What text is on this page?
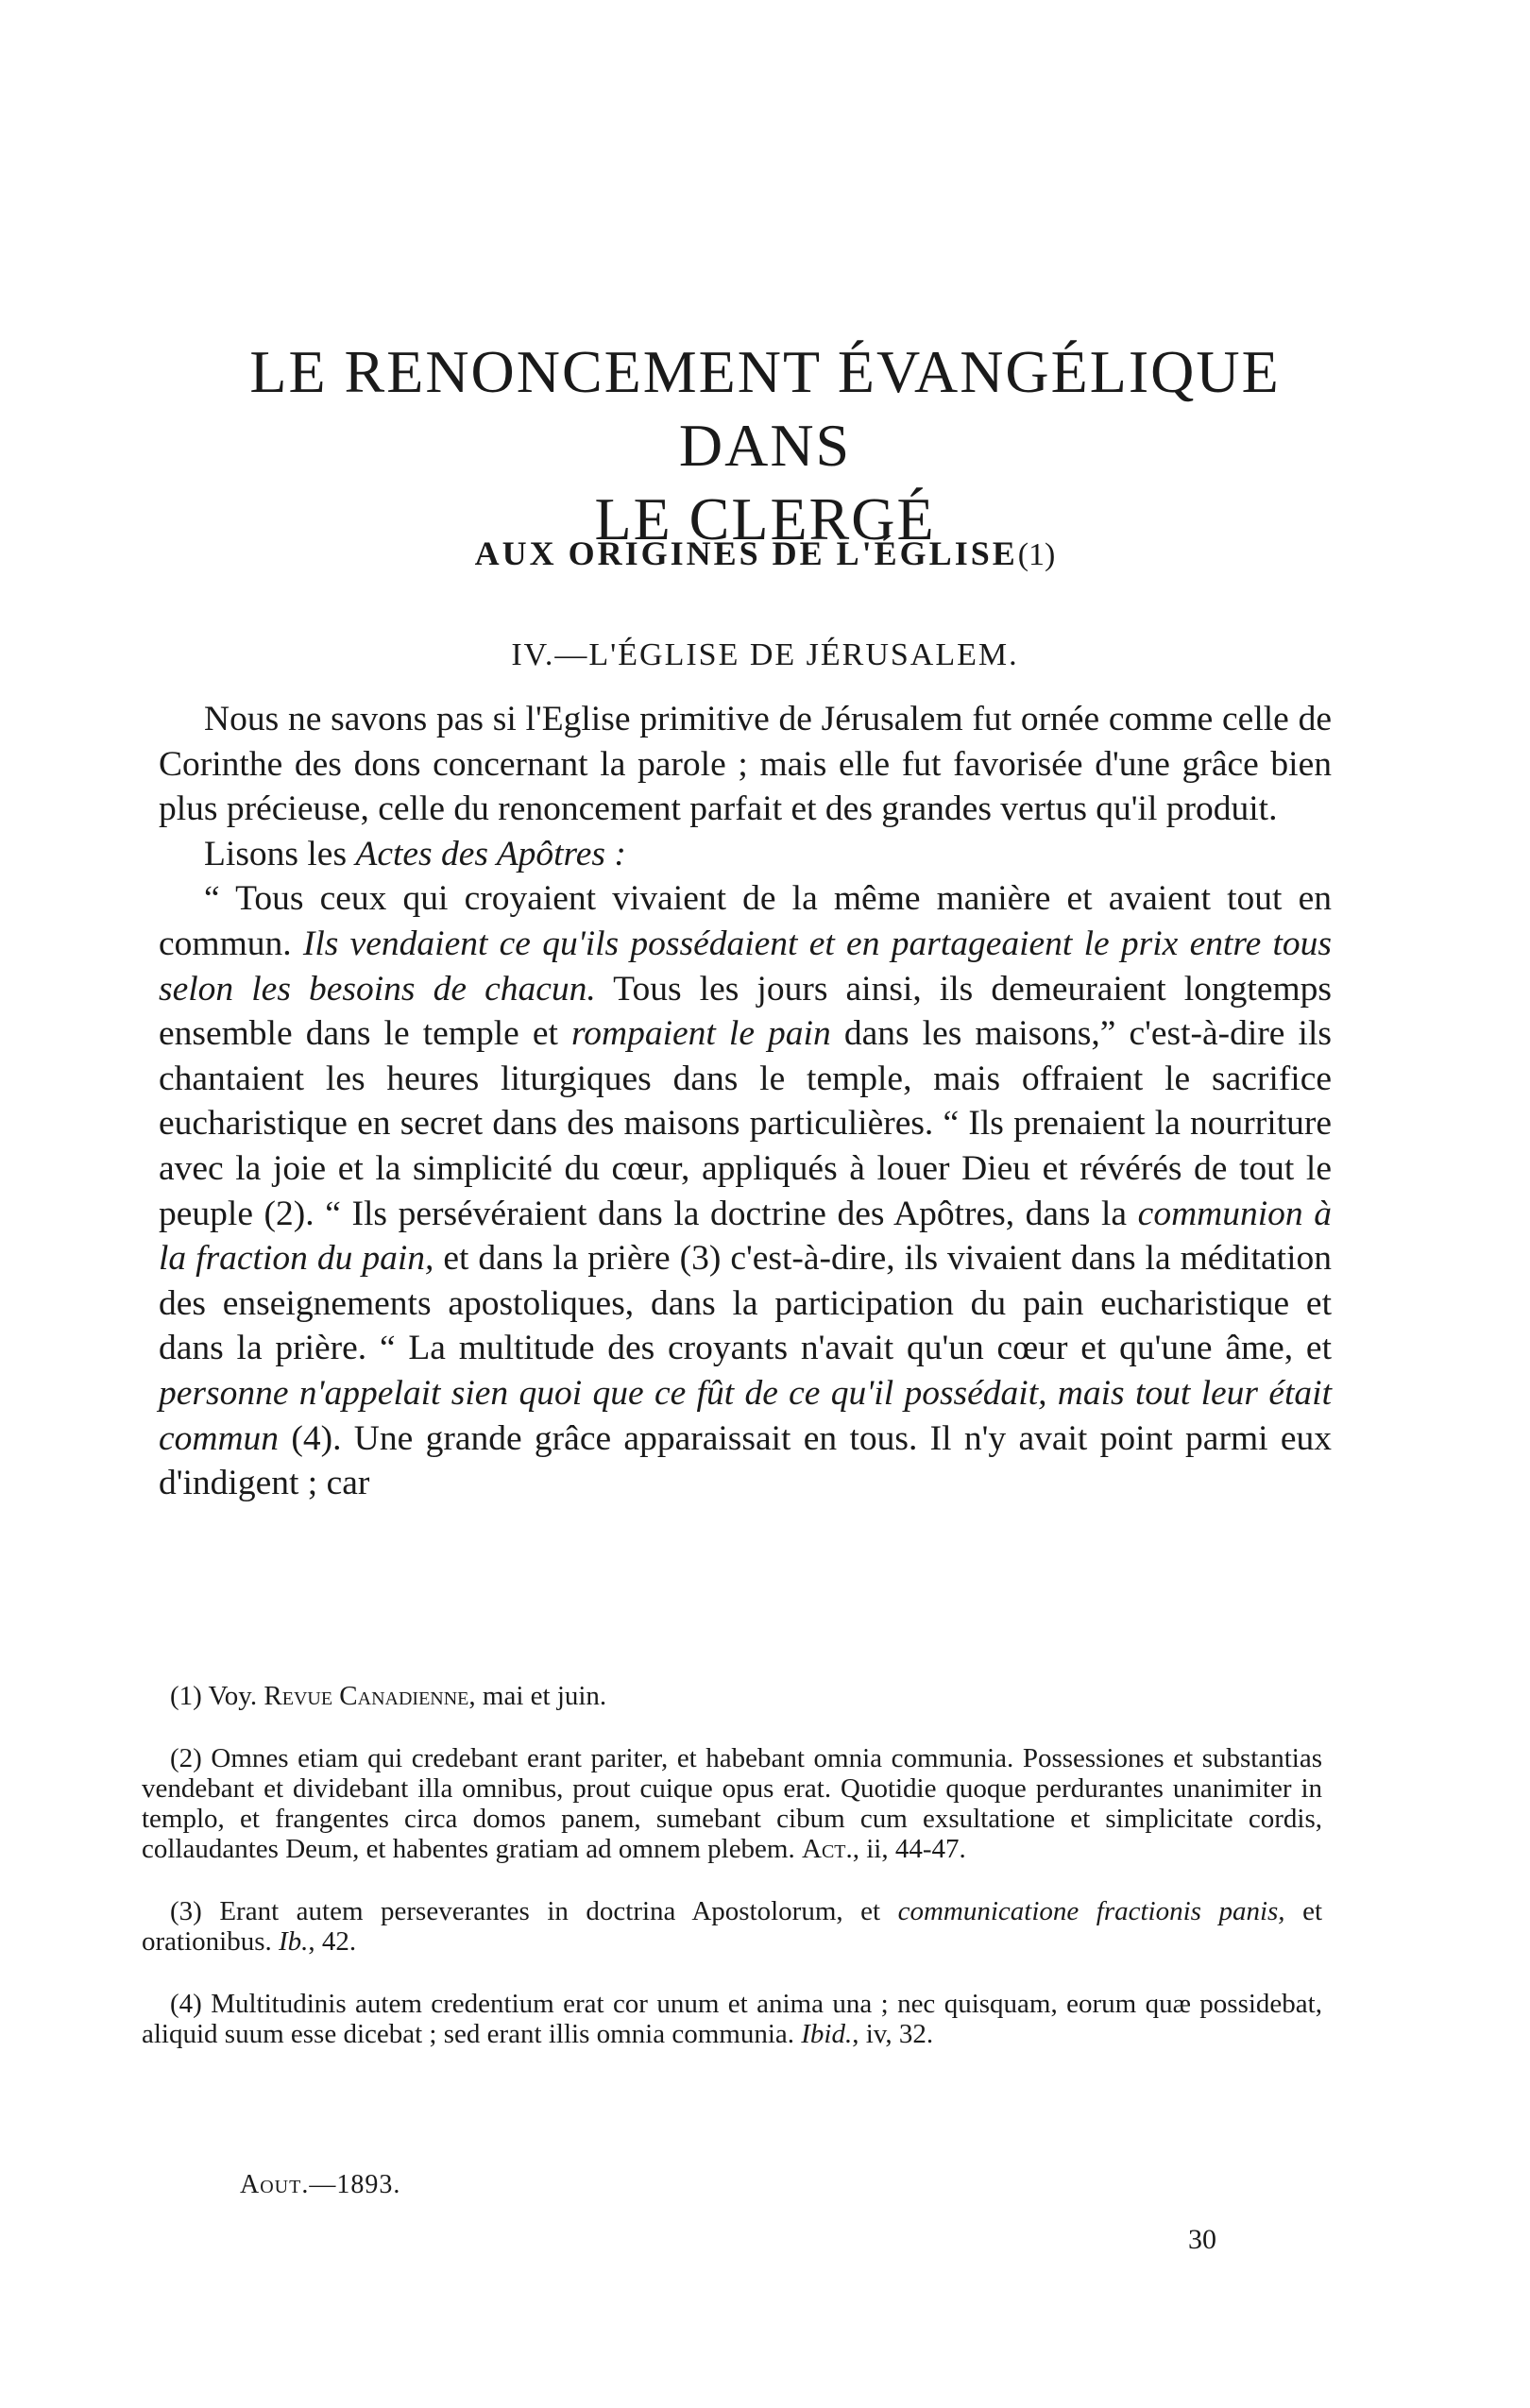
LE RENONCEMENT ÉVANGÉLIQUE DANS
LE CLERGÉ
AUX ORIGINES DE L'ÉGLISE(1)
IV.—L'ÉGLISE DE JÉRUSALEM.

Nous ne savons pas si l'Eglise primitive de Jérusalem fut ornée comme celle de Corinthe des dons concernant la parole ; mais elle fut favorisée d'une grâce bien plus précieuse, celle du renoncement parfait et des grandes vertus qu'il produit.

Lisons les Actes des Apôtres :

“ Tous ceux qui croyaient vivaient de la même manière et avaient tout en commun. Ils vendaient ce qu'ils possédaient et en partageaient le prix entre tous selon les besoins de chacun. Tous les jours ainsi, ils demeuraient longtemps ensemble dans le temple et rompaient le pain dans les maisons,” c'est-à-dire ils chantaient les heures liturgiques dans le temple, mais offraient le sacrifice eucharistique en secret dans des maisons particulières. “ Ils prenaient la nourriture avec la joie et la simplicité du cœur, appliqués à louer Dieu et révérés de tout le peuple (2). “ Ils persévéraient dans la doctrine des Apôtres, dans la communion à la fraction du pain, et dans la prière (3) c'est-à-dire, ils vivaient dans la méditation des enseignements apostoliques, dans la participation du pain eucharistique et dans la prière. “ La multitude des croyants n'avait qu'un cœur et qu'une âme, et personne n'appelait sien quoi que ce fût de ce qu'il possédait, mais tout leur était commun (4). Une grande grâce apparaissait en tous. Il n'y avait point parmi eux d'indigent ; car

(1) Voy. Revue Canadienne, mai et juin.

(2) Omnes etiam qui credebant erant pariter, et habebant omnia communia. Possessiones et substantias vendebant et dividebant illa omnibus, prout cuique opus erat. Quotidie quoque perdurantes unanimiter in templo, et frangentes circa domos panem, sumebant cibum cum exsultatione et simplicitate cordis, collaudantes Deum, et habentes gratiam ad omnem plebem. Act., ii, 44-47.

(3) Erant autem perseverantes in doctrina Apostolorum, et communicatione fractionis panis, et orationibus. Ib., 42.

(4) Multitudinis autem credentium erat cor unum et anima una ; nec quisquam, eorum quæ possidebat, aliquid suum esse dicebat ; sed erant illis omnia communia. Ibid., iv, 32.

Aout.—1893.
30
